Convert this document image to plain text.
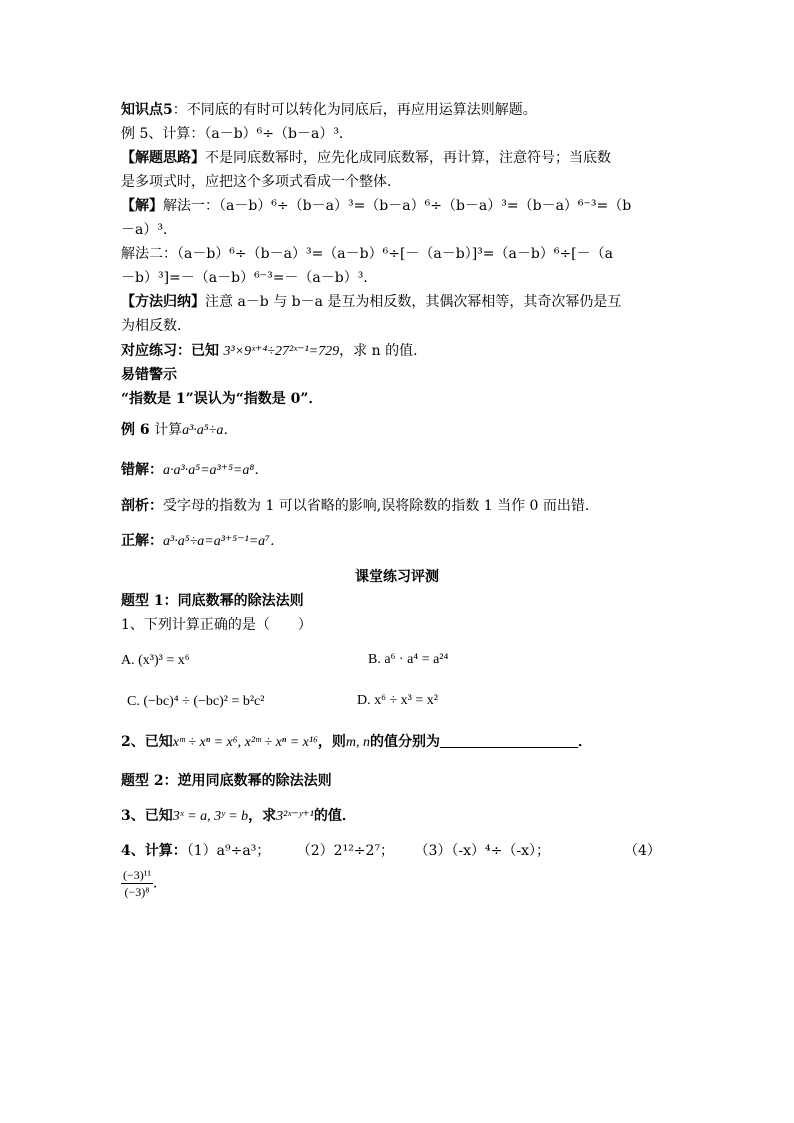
知识点5：不同底的有时可以转化为同底后，再应用运算法则解题。
例 5、计算：（a－b）⁶÷（b－a）³．
【解题思路】不是同底数幂时，应先化成同底数幂，再计算，注意符号；当底数
是多项式时，应把这个多项式看成一个整体．
【解】解法一：（a－b）⁶÷（b－a）³=（b－a）⁶÷（b－a）³=（b－a）⁶⁻³=（b
－a）³．
解法二：（a－b）⁶÷（b－a）³=（a－b）⁶÷[－（a－b）]³=（a－b）⁶÷[－（a
－b）³]=－（a－b）⁶⁻³=－（a－b）³．
【方法归纳】注意 a－b 与 b－a 是互为相反数，其偶次幂相等，其奇次幂仍是互
为相反数．
对应练习：已知 3³×9ˣ⁺⁴÷27²ˣ⁻¹=729，求 n 的值．
易错警示
“指数是 1”误认为“指数是 0”．
例 6 计算a³·a⁵÷a．
错解：a·a³·a⁵=a³⁺⁵=a⁸．
剖析：受字母的指数为 1 可以省略的影响,误将除数的指数 1 当作 0 而出错.
正解：a³·a⁵÷a=a³⁺⁵⁻¹=a⁷．
课堂练习评测
题型 1：同底数幂的除法法则
1、下列计算正确的是（　　）
A. (x³)³ = x⁶	B. a⁶ · a⁴ = a²⁴
C. (−bc)⁴ ÷ (−bc)² = b²c²	D. x⁶ ÷ x³ = x²
2、已知xᵐ ÷ xⁿ = x⁶, x²ᵐ ÷ xⁿ = x¹⁶，则m, n的值分别为	．
题型 2：逆用同底数幂的除法法则
3、已知3ˣ = a, 3ʸ = b，求3²ˣ⁻ʸ⁺¹的值．
4、计算：（1）a⁹÷a³； （2）2¹²÷2⁷； （3）（-x）⁴÷（-x）；	（4）
$\frac{\text{(−3)¹¹}}{\text{(−3)⁸}}$ ．
